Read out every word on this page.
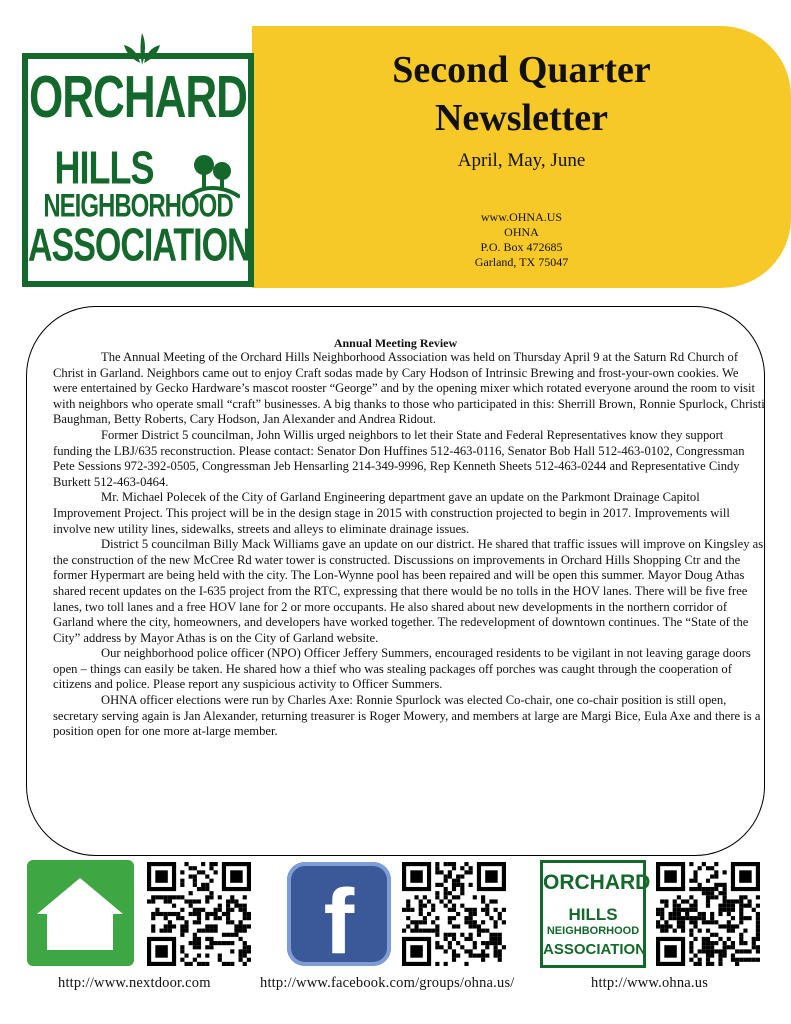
ORCHARD
HILLS
NEIGHBORHOOD
ASSOCIATION
Second Quarter
Newsletter
April, May, June
www.OHNA.US
OHNA
P.O. Box 472685
Garland, TX 75047
Annual Meeting Review

The Annual Meeting of the Orchard Hills Neighborhood Association was held on Thursday April 9 at the Saturn Rd Church of Christ in Garland. Neighbors came out to enjoy Craft sodas made by Cary Hodson of Intrinsic Brewing and frost-your-own cookies. We were entertained by Gecko Hardware’s mascot rooster “George” and by the opening mixer which rotated everyone around the room to visit with neighbors who operate small “craft” businesses. A big thanks to those who participated in this: Sherrill Brown, Ronnie Spurlock, Christi Baughman, Betty Roberts, Cary Hodson, Jan Alexander and Andrea Ridout.

Former District 5 councilman, John Willis urged neighbors to let their State and Federal Representatives know they support funding the LBJ/635 reconstruction. Please contact: Senator Don Huffines 512-463-0116, Senator Bob Hall 512-463-0102, Congressman Pete Sessions 972-392-0505, Congressman Jeb Hensarling 214-349-9996, Rep Kenneth Sheets 512-463-0244 and Representative Cindy Burkett 512-463-0464.

Mr. Michael Polecek of the City of Garland Engineering department gave an update on the Parkmont Drainage Capitol Improvement Project. This project will be in the design stage in 2015 with construction projected to begin in 2017. Improvements will involve new utility lines, sidewalks, streets and alleys to eliminate drainage issues.

District 5 councilman Billy Mack Williams gave an update on our district. He shared that traffic issues will improve on Kingsley as the construction of the new McCree Rd water tower is constructed. Discussions on improvements in Orchard Hills Shopping Ctr and the former Hypermart are being held with the city. The Lon-Wynne pool has been repaired and will be open this summer. Mayor Doug Athas shared recent updates on the I-635 project from the RTC, expressing that there would be no tolls in the HOV lanes. There will be five free lanes, two toll lanes and a free HOV lane for 2 or more occupants. He also shared about new developments in the northern corridor of Garland where the city, homeowners, and developers have worked together. The redevelopment of downtown continues. The “State of the City” address by Mayor Athas is on the City of Garland website.

Our neighborhood police officer (NPO) Officer Jeffery Summers, encouraged residents to be vigilant in not leaving garage doors open – things can easily be taken. He shared how a thief who was stealing packages off porches was caught through the cooperation of citizens and police. Please report any suspicious activity to Officer Summers.

OHNA officer elections were run by Charles Axe: Ronnie Spurlock was elected Co-chair, one co-chair position is still open, secretary serving again is Jan Alexander, returning treasurer is Roger Mowery, and members at large are Margi Bice, Eula Axe and there is a position open for one more at-large member.

f	ORCHARD
HILLS
NEIGHBORHOOD
ASSOCIATION
http://www.nextdoor.com	http://www.facebook.com/groups/ohna.us/	http://www.ohna.us
